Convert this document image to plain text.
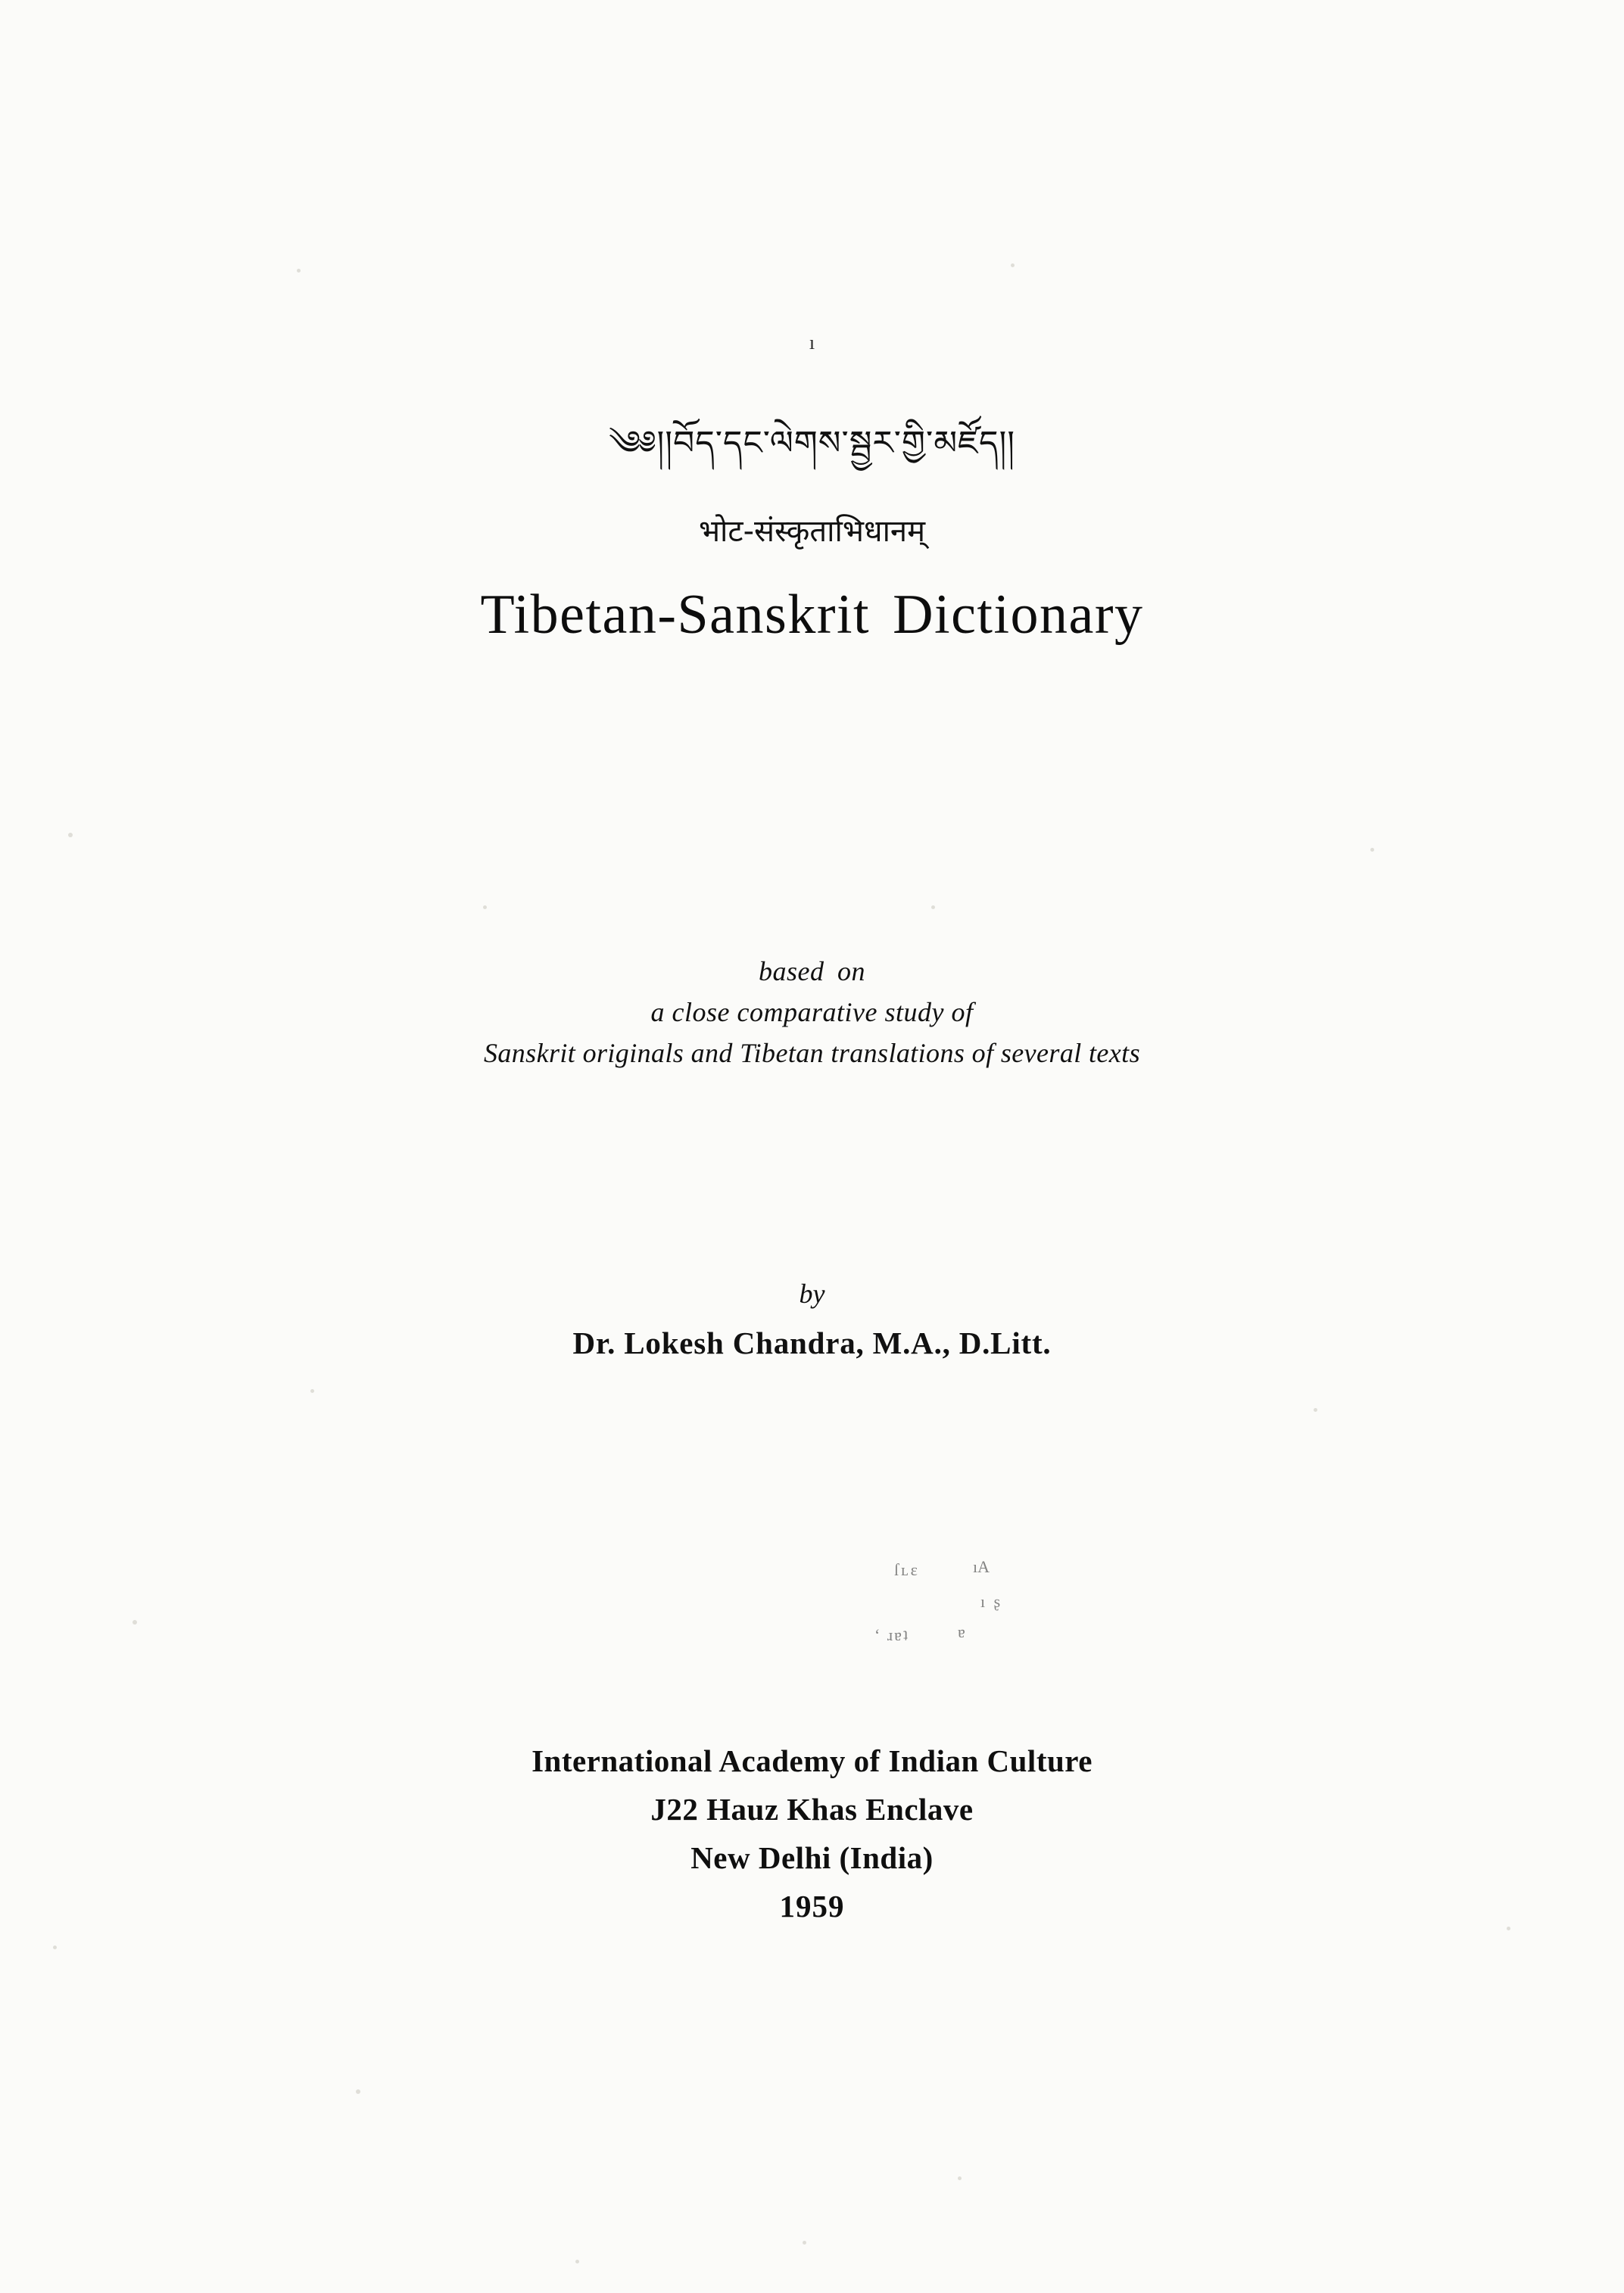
ı
༄༅།།བོད་དང་ལེགས་སྦྱར་གྱི་མཛོད།།
भोट-संस्कृताभिधानम्
Tibetan-Sanskrit Dictionary
based on
a close comparative study of
Sanskrit originals and Tibetan translations of several texts
by
Dr. Lokesh Chandra, M.A., D.Litt.
ſʟɛ	ıA
ı ʂ
ʻ ɹɐʇ	ɐ
International Academy of Indian Culture
J22 Hauz Khas Enclave
New Delhi (India)
1959
